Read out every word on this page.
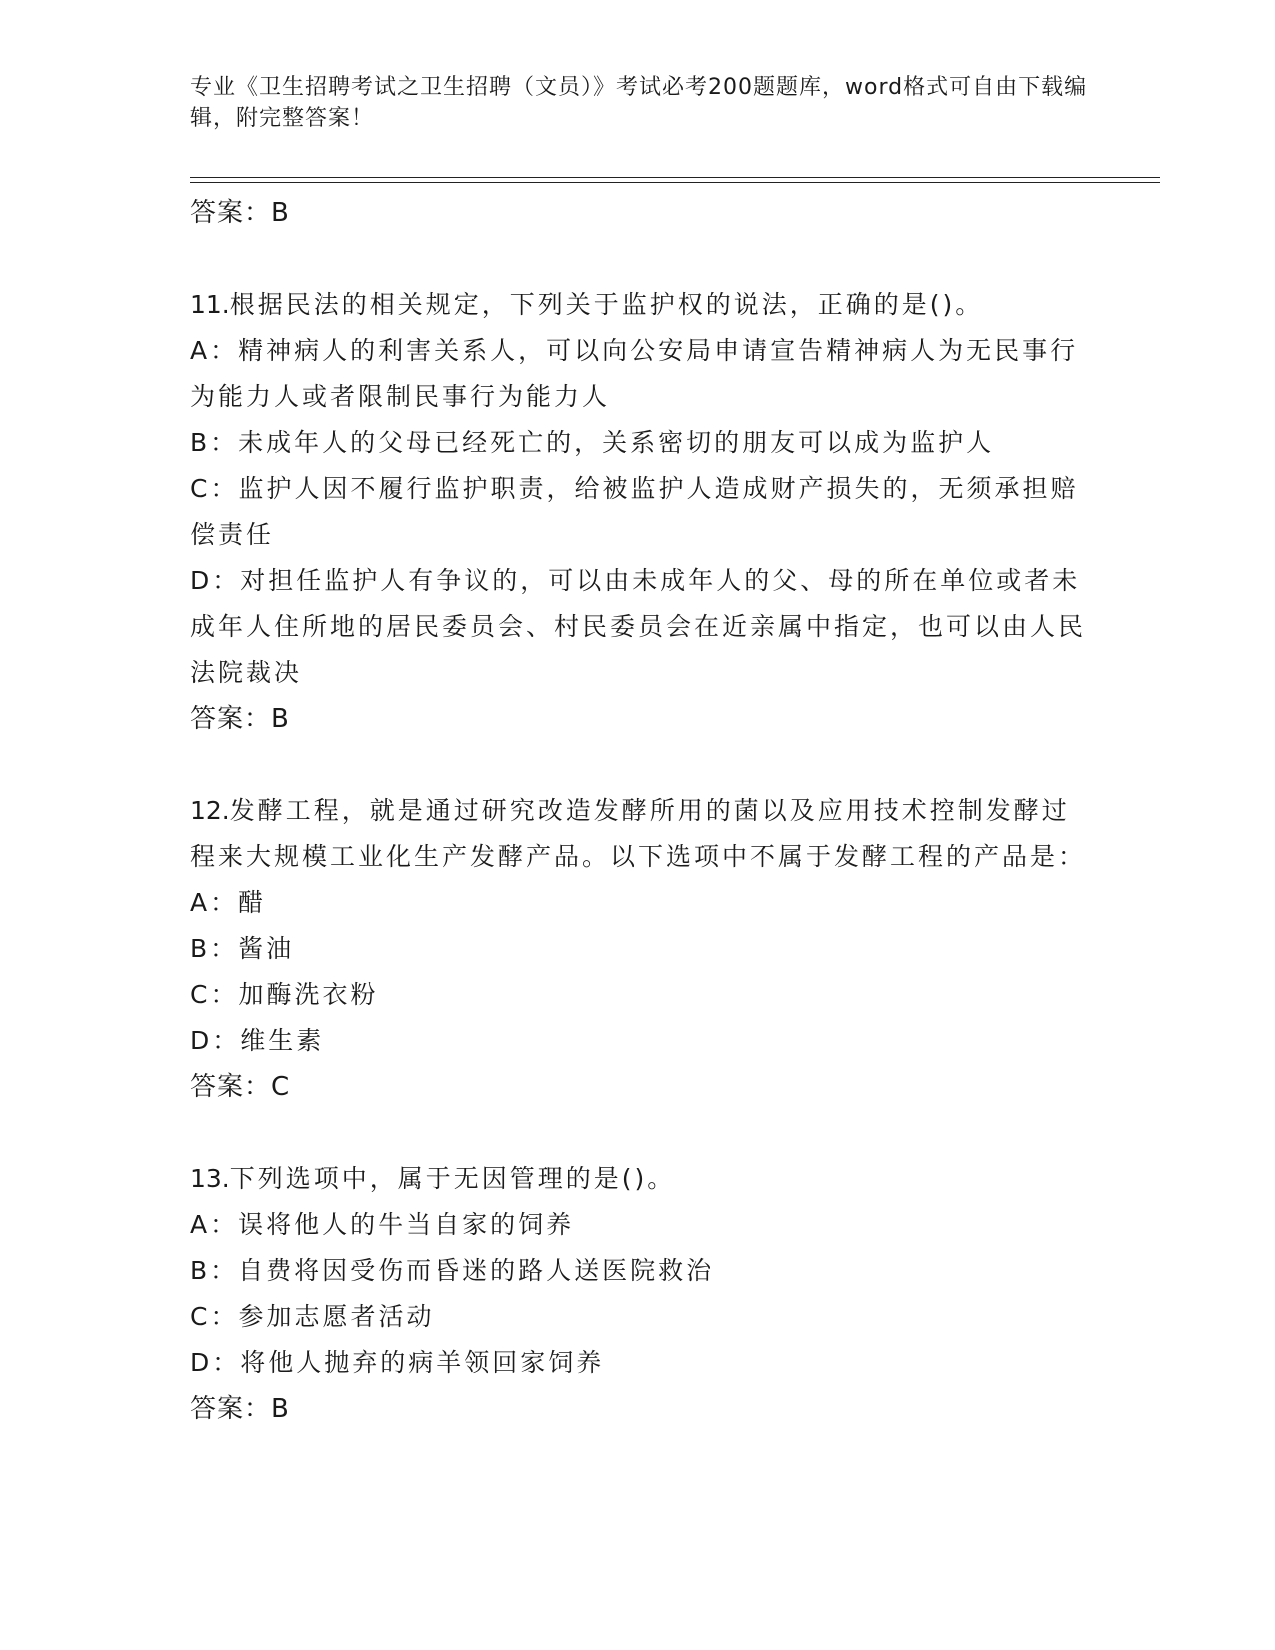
专业《卫生招聘考试之卫生招聘（文员）》考试必考200题题库，word格式可自由下载编辑，附完整答案！
答案：B
11.根据民法的相关规定，下列关于监护权的说法，正确的是()。
A：精神病人的利害关系人，可以向公安局申请宣告精神病人为无民事行为能力人或者限制民事行为能力人
B：未成年人的父母已经死亡的，关系密切的朋友可以成为监护人
C：监护人因不履行监护职责，给被监护人造成财产损失的，无须承担赔偿责任
D：对担任监护人有争议的，可以由未成年人的父、母的所在单位或者未成年人住所地的居民委员会、村民委员会在近亲属中指定，也可以由人民法院裁决
答案：B
12.发酵工程，就是通过研究改造发酵所用的菌以及应用技术控制发酵过程来大规模工业化生产发酵产品。以下选项中不属于发酵工程的产品是：
A：醋
B：酱油
C：加酶洗衣粉
D：维生素
答案：C
13.下列选项中，属于无因管理的是()。
A：误将他人的牛当自家的饲养
B：自费将因受伤而昏迷的路人送医院救治
C：参加志愿者活动
D：将他人抛弃的病羊领回家饲养
答案：B
